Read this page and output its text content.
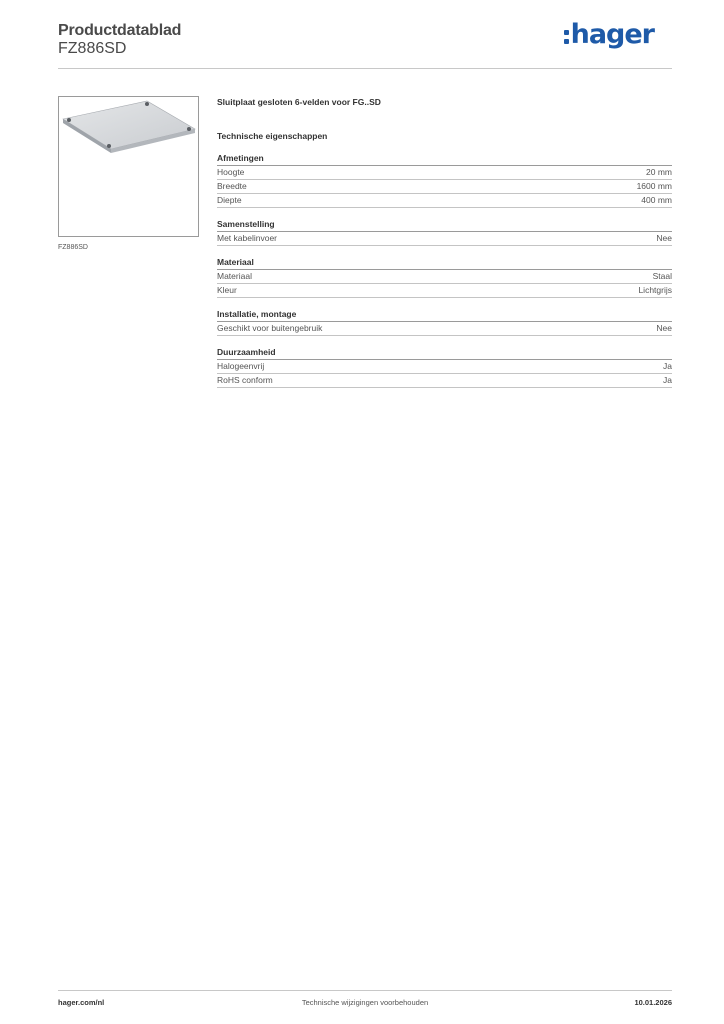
Productdatablad
FZ886SD	hager
FZ886SD
Sluitplaat gesloten 6-velden voor FG..SD
Technische eigenschappen
Afmetingen
Hoogte	20 mm
Breedte	1600 mm
Diepte	400 mm
Samenstelling
Met kabelinvoer	Nee
Materiaal
Materiaal	Staal
Kleur	Lichtgrijs
Installatie, montage
Geschikt voor buitengebruik	Nee
Duurzaamheid
Halogeenvrij	Ja
RoHS conform	Ja
hager.com/nl	Technische wijzigingen voorbehouden	10.01.2026
